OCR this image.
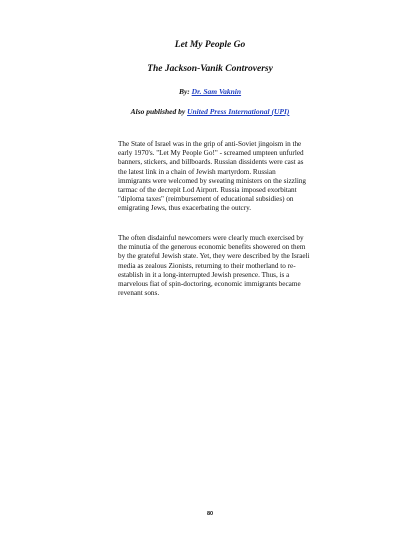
Let My People Go
The Jackson-Vanik Controversy
By: Dr. Sam Vaknin
Also published by United Press International (UPI)

The State of Israel was in the grip of anti-Soviet jingoism in the early 1970's. "Let My People Go!" - screamed umpteen unfurled banners, stickers, and billboards. Russian dissidents were cast as the latest link in a chain of Jewish martyrdom. Russian immigrants were welcomed by sweating ministers on the sizzling tarmac of the decrepit Lod Airport. Russia imposed exorbitant "diploma taxes" (reimbursement of educational subsidies) on emigrating Jews, thus exacerbating the outcry.

The often disdainful newcomers were clearly much exercised by the minutia of the generous economic benefits showered on them by the grateful Jewish state. Yet, they were described by the Israeli media as zealous Zionists, returning to their motherland to re-establish in it a long-interrupted Jewish presence. Thus, is a marvelous fiat of spin-doctoring, economic immigrants became revenant sons.

80
